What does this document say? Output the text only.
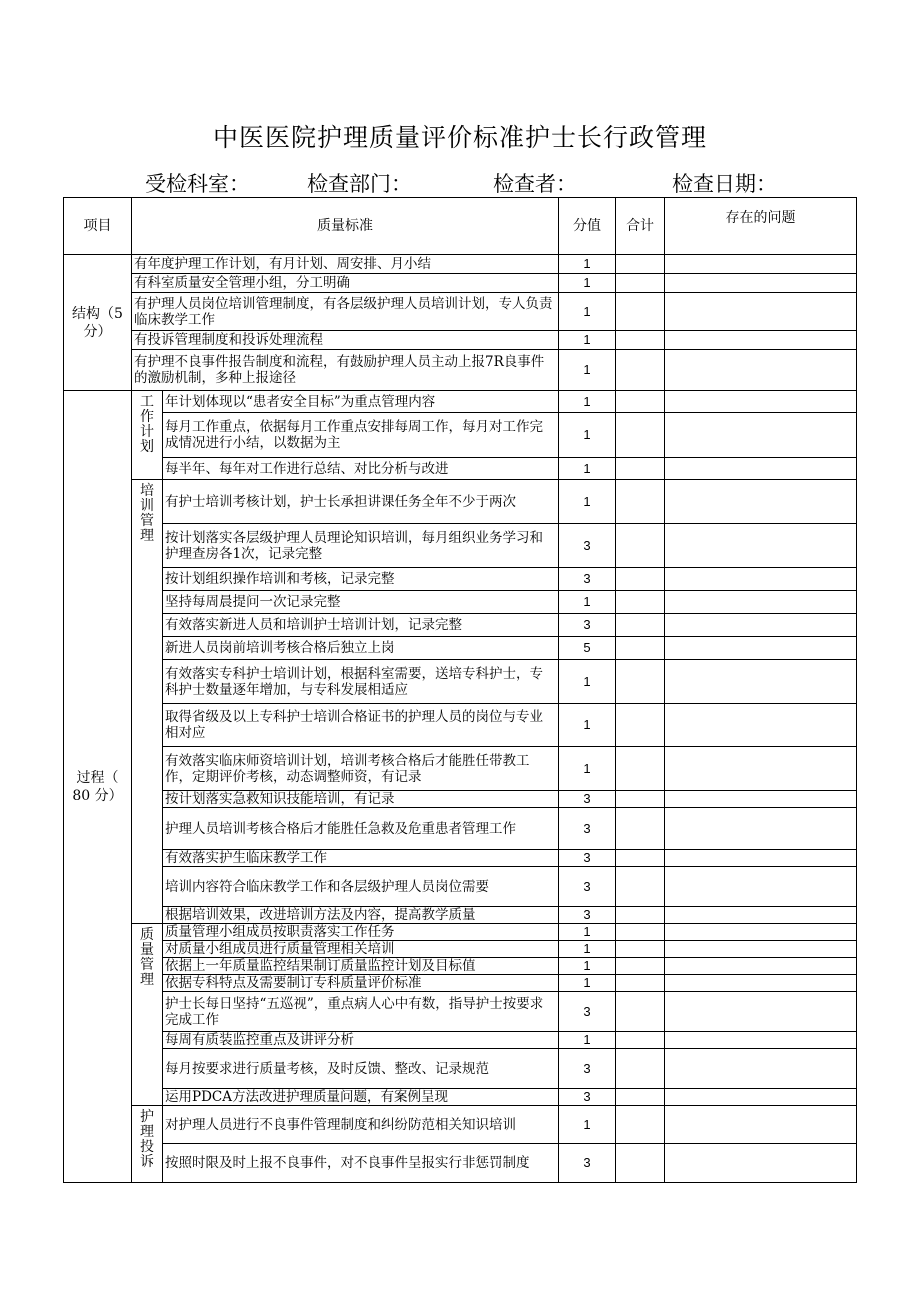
中医医院护理质量评价标准护士长行政管理
受检科室：	检查部门：	检查者：	检查日期：
项目	质量标准		分值	合计	存在的问题
结构（5分）	有年度护理工作计划，有月计划、周安排、月小结		1		
	有科室质量安全管理小组，分工明确		1		
	有护理人员岗位培训管理制度，有各层级护理人员培训计划，专人负责临床教学工作		1		
	有投诉管理制度和投诉处理流程		1		
	有护理不良事件报告制度和流程，有鼓励护理人员主动上报7R良事件的激励机制，多种上报途径		1		
过程（ 80 分）	工作计划	年计划体现以“患者安全目标”为重点管理内容	1		
		每月工作重点，依据每月工作重点安排每周工作，每月对工作完成情况进行小结，以数据为主	1		
		每半年、每年对工作进行总结、对比分析与改进	1		

	培训管理	有护士培训考核计划，护士长承担讲课任务全年不少于两次	1		
		按计划落实各层级护理人员理论知识培训，每月组织业务学习和护理查房各1次，记录完整	3		
		按计划组织操作培训和考核，记录完整	3		
		坚持每周晨提问一次记录完整	1		
		有效落实新进人员和培训护士培训计划，记录完整	3		
		新进人员岗前培训考核合格后独立上岗	5		
		有效落实专科护士培训计划，根据科室需要，送培专科护士，专科护士数量逐年增加，与专科发展相适应	1		
		取得省级及以上专科护士培训合格证书的护理人员的岗位与专业相对应	1		
		有效落实临床师资培训计划，培训考核合格后才能胜任带教工作，定期评价考核，动态调整师资，有记录	1		
		按计划落实急救知识技能培训，有记录	3		
		护理人员培训考核合格后才能胜任急救及危重患者管理工作	3		
		有效落实护生临床教学工作	3		
		培训内容符合临床教学工作和各层级护理人员岗位需要	3		
		根据培训效果，改进培训方法及内容，提高教学质量	3		

	质量管理	质量管理小组成员按职责落实工作任务	1		
		对质量小组成员进行质量管理相关培训	1		
		依据上一年质量监控结果制订质量监控计划及目标值	1		
		依据专科特点及需要制订专科质量评价标准	1		
		护士长每日坚持“五巡视”，重点病人心中有数，指导护士按要求完成工作	3		
		每周有质装监控重点及讲评分析	1		
		每月按要求进行质量考核，及时反馈、整改、记录规范	3		
		运用PDCA方法改进护理质量问题，有案例呈现	3		

	护理投诉	对护理人员进行不良事件管理制度和纠纷防范相关知识培训	1		
		按照时限及时上报不良事件，对不良事件呈报实行非惩罚制度	3		
